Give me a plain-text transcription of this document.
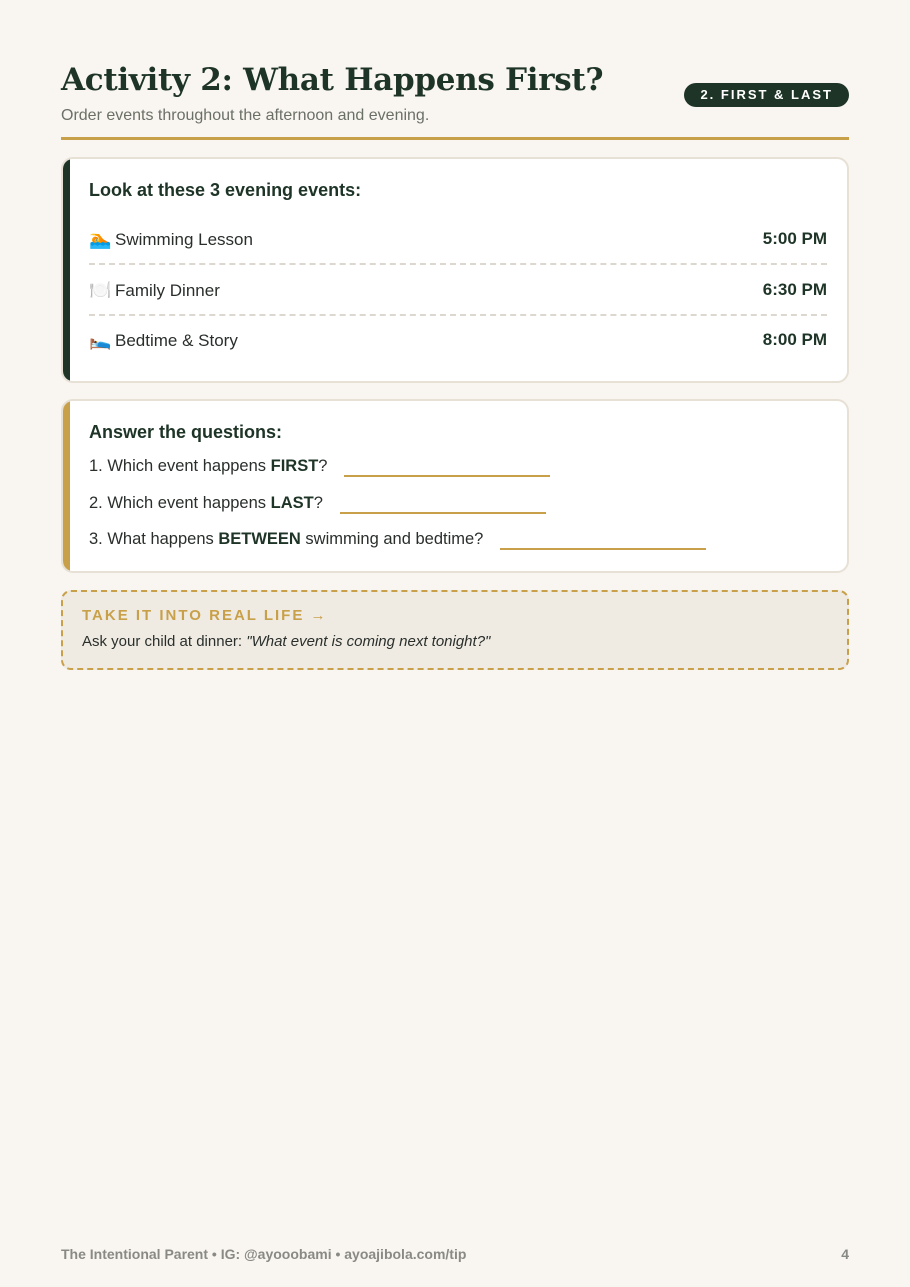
Activity 2: What Happens First?
Order events throughout the afternoon and evening.
2. FIRST & LAST
Look at these 3 evening events:
🏊 Swimming Lesson	5:00 PM
🍽️ Family Dinner	6:30 PM
🛌 Bedtime & Story	8:00 PM
Answer the questions:
1. Which event happens FIRST?
2. Which event happens LAST?
3. What happens BETWEEN swimming and bedtime?
TAKE IT INTO REAL LIFE →
Ask your child at dinner: "What event is coming next tonight?"
The Intentional Parent • IG: @ayooobami • ayoajibola.com/tip	4
